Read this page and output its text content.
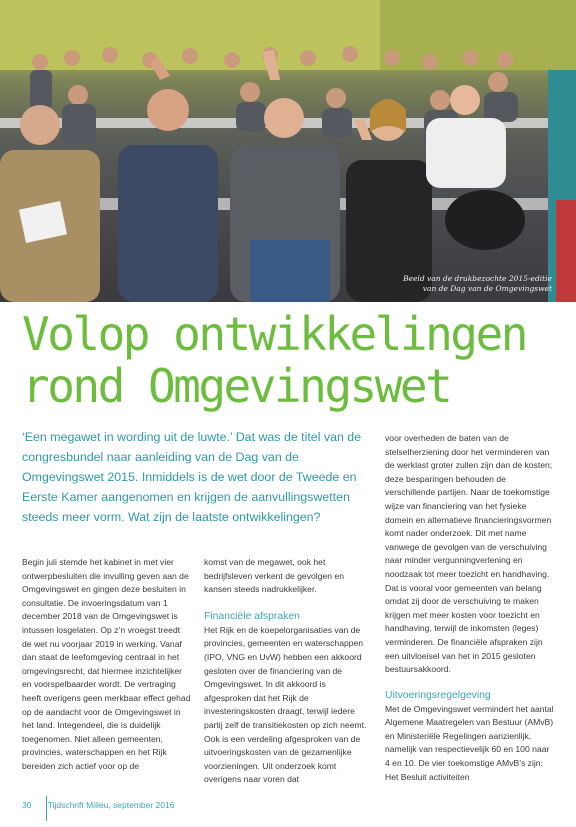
Beeld van de drukbezochte 2015-editie
van de Dag van de Omgevingswet
Volop ontwikkelingen
rond Omgevingswet

‘Een megawet in wording uit de luwte.’ Dat was de titel van de congresbundel naar aanleiding van de Dag van de Omgevingswet 2015. Inmiddels is de wet door de Tweede en Eerste Kamer aangenomen en krijgen de aanvullingswetten steeds meer vorm. Wat zijn de laatste ontwikkelingen?

Begin juli stemde het kabinet in met vier ontwerpbesluiten die invulling geven aan de Omgevingswet en gingen deze besluiten in consultatie. De invoeringsdatum van 1 december 2018 van de Omgevingswet is intussen losgelaten. Op z’n vroegst treedt de wet nu voorjaar 2019 in werking. Vanaf dan staat de leefomgeving centraal in het omgevingsrecht, dat hiermee inzichtelijker en voorspelbaarder wordt. De vertraging heeft overigens geen merkbaar effect gehad op de aandacht voor de Omgevingswet in het land. Integendeel, die is duidelijk toegenomen. Niet alleen gemeenten, provincies, waterschappen en het Rijk bereiden zich actief voor op de

komst van de megawet, ook het bedrijfsleven verkent de gevolgen en kansen steeds nadrukkelijker.

Financiële afspraken

Het Rijk en de koepelorganisaties van de provincies, gemeenten en waterschappen (IPO, VNG en UvW) hebben een akkoord gesloten over de financiering van de Omgevingswet. In dit akkoord is afgesproken dat het Rijk de investeringskosten draagt, terwijl iedere partij zelf de transitiekosten op zich neemt. Ook is een verdeling afgesproken van de uitvoeringskosten van de gezamenlijke voorzieningen. Uit onderzoek komt overigens naar voren dat

voor overheden de baten van de stelselherziening door het verminderen van de werklast groter zullen zijn dan de kosten; deze besparingen behouden de verschillende partijen. Naar de toekomstige wijze van financiering van het fysieke domein en alternatieve financieringsvormen komt nader onderzoek. Dit met name vanwege de gevolgen van de verschuiving naar minder vergunningverlening en noodzaak tot meer toezicht en handhaving. Dat is vooral voor gemeenten van belang omdat zij door de verschuiving te maken krijgen met meer kosten voor toezicht en handhaving, terwijl de inkomsten (leges) verminderen. De financiële afspraken zijn een uitvloeisel van het in 2015 gesloten bestuursakkoord.

Uitvoeringsregelgeving

Met de Omgevingswet vermindert het aantal Algemene Maatregelen van Bestuur (AMvB) en Ministeriële Regelingen aanzienlijk, namelijk van respectievelijk 60 en 100 naar 4 en 10. De vier toekomstige AMvB’s zijn: Het Besluit activiteiten

30 Tijdschrift Milieu, september 2016
